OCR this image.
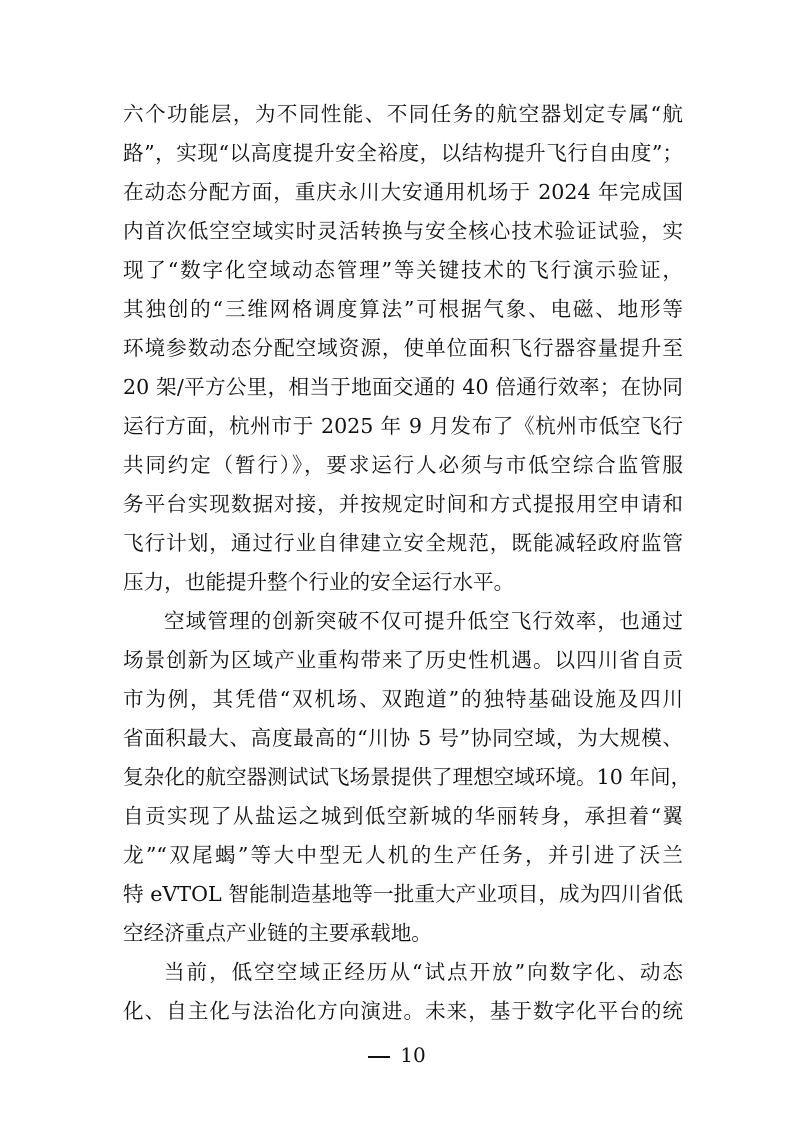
六个功能层，为不同性能、不同任务的航空器划定专属“航
路”，实现“以高度提升安全裕度，以结构提升飞行自由度”；
在动态分配方面，重庆永川大安通用机场于 2024 年完成国
内首次低空空域实时灵活转换与安全核心技术验证试验，实
现了“数字化空域动态管理”等关键技术的飞行演示验证，
其独创的“三维网格调度算法”可根据气象、电磁、地形等
环境参数动态分配空域资源，使单位面积飞行器容量提升至
20 架/平方公里，相当于地面交通的 40 倍通行效率；在协同
运行方面，杭州市于 2025 年 9 月发布了《杭州市低空飞行
共同约定（暂行）》，要求运行人必须与市低空综合监管服
务平台实现数据对接，并按规定时间和方式提报用空申请和
飞行计划，通过行业自律建立安全规范，既能减轻政府监管
压力，也能提升整个行业的安全运行水平。
空域管理的创新突破不仅可提升低空飞行效率，也通过
场景创新为区域产业重构带来了历史性机遇。以四川省自贡
市为例，其凭借“双机场、双跑道”的独特基础设施及四川
省面积最大、高度最高的“川协 5 号”协同空域，为大规模、
复杂化的航空器测试试飞场景提供了理想空域环境。10 年间，
自贡实现了从盐运之城到低空新城的华丽转身，承担着“翼
龙”“双尾蝎”等大中型无人机的生产任务，并引进了沃兰
特 eVTOL 智能制造基地等一批重大产业项目，成为四川省低
空经济重点产业链的主要承载地。
当前，低空空域正经历从“试点开放”向数字化、动态
化、自主化与法治化方向演进。未来，基于数字化平台的统
10
